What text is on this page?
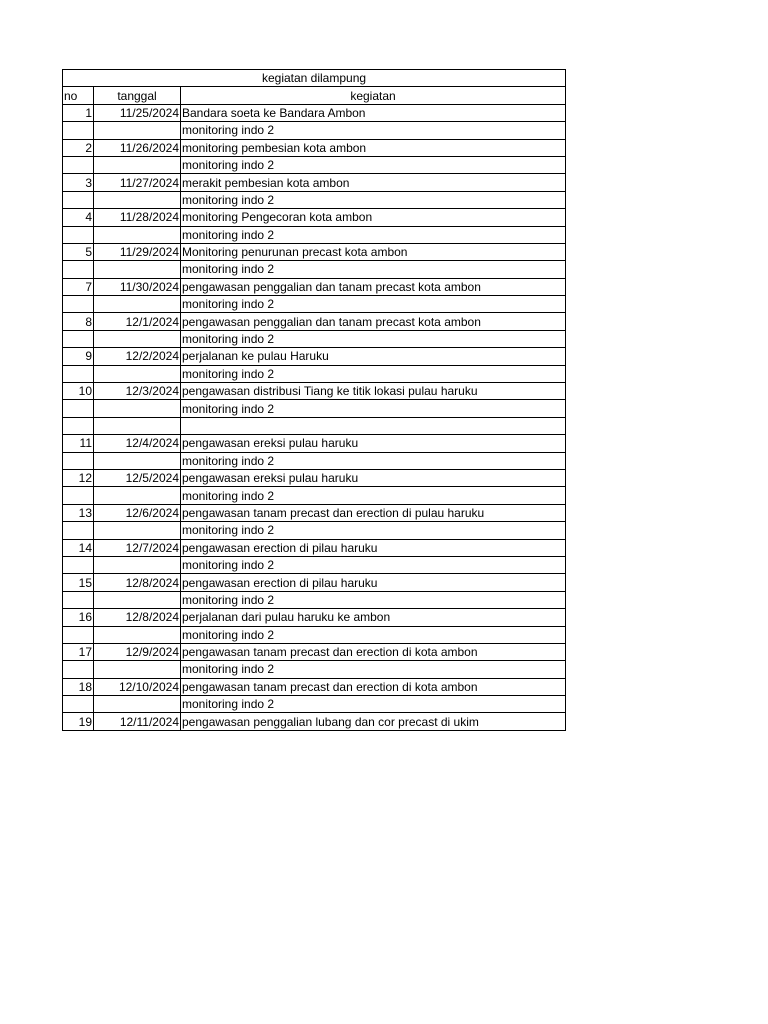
kegiatan dilampung		
no	tanggal	kegiatan
1	11/25/2024	Bandara soeta ke Bandara Ambon
		monitoring indo 2
2	11/26/2024	monitoring pembesian kota ambon
		monitoring indo 2
3	11/27/2024	merakit pembesian kota ambon
		monitoring indo 2
4	11/28/2024	monitoring Pengecoran kota ambon
		monitoring indo 2
5	11/29/2024	Monitoring penurunan precast kota ambon
		monitoring indo 2
7	11/30/2024	pengawasan penggalian dan tanam precast kota ambon
		monitoring indo 2
8	12/1/2024	pengawasan penggalian dan tanam precast kota ambon
		monitoring indo 2
9	12/2/2024	perjalanan ke pulau Haruku
		monitoring indo 2
10	12/3/2024	pengawasan distribusi Tiang ke titik lokasi pulau haruku
		monitoring indo 2

11	12/4/2024	pengawasan ereksi pulau haruku
		monitoring indo 2
12	12/5/2024	pengawasan ereksi pulau haruku
		monitoring indo 2
13	12/6/2024	pengawasan tanam precast dan erection di pulau haruku
		monitoring indo 2
14	12/7/2024	pengawasan erection di pilau haruku
		monitoring indo 2
15	12/8/2024	pengawasan erection di pilau haruku
		monitoring indo 2
16	12/8/2024	perjalanan dari pulau haruku ke ambon
		monitoring indo 2
17	12/9/2024	pengawasan tanam precast dan erection di kota ambon
		monitoring indo 2
18	12/10/2024	pengawasan tanam precast dan erection di kota ambon
		monitoring indo 2
19	12/11/2024	pengawasan penggalian lubang dan cor precast di ukim
